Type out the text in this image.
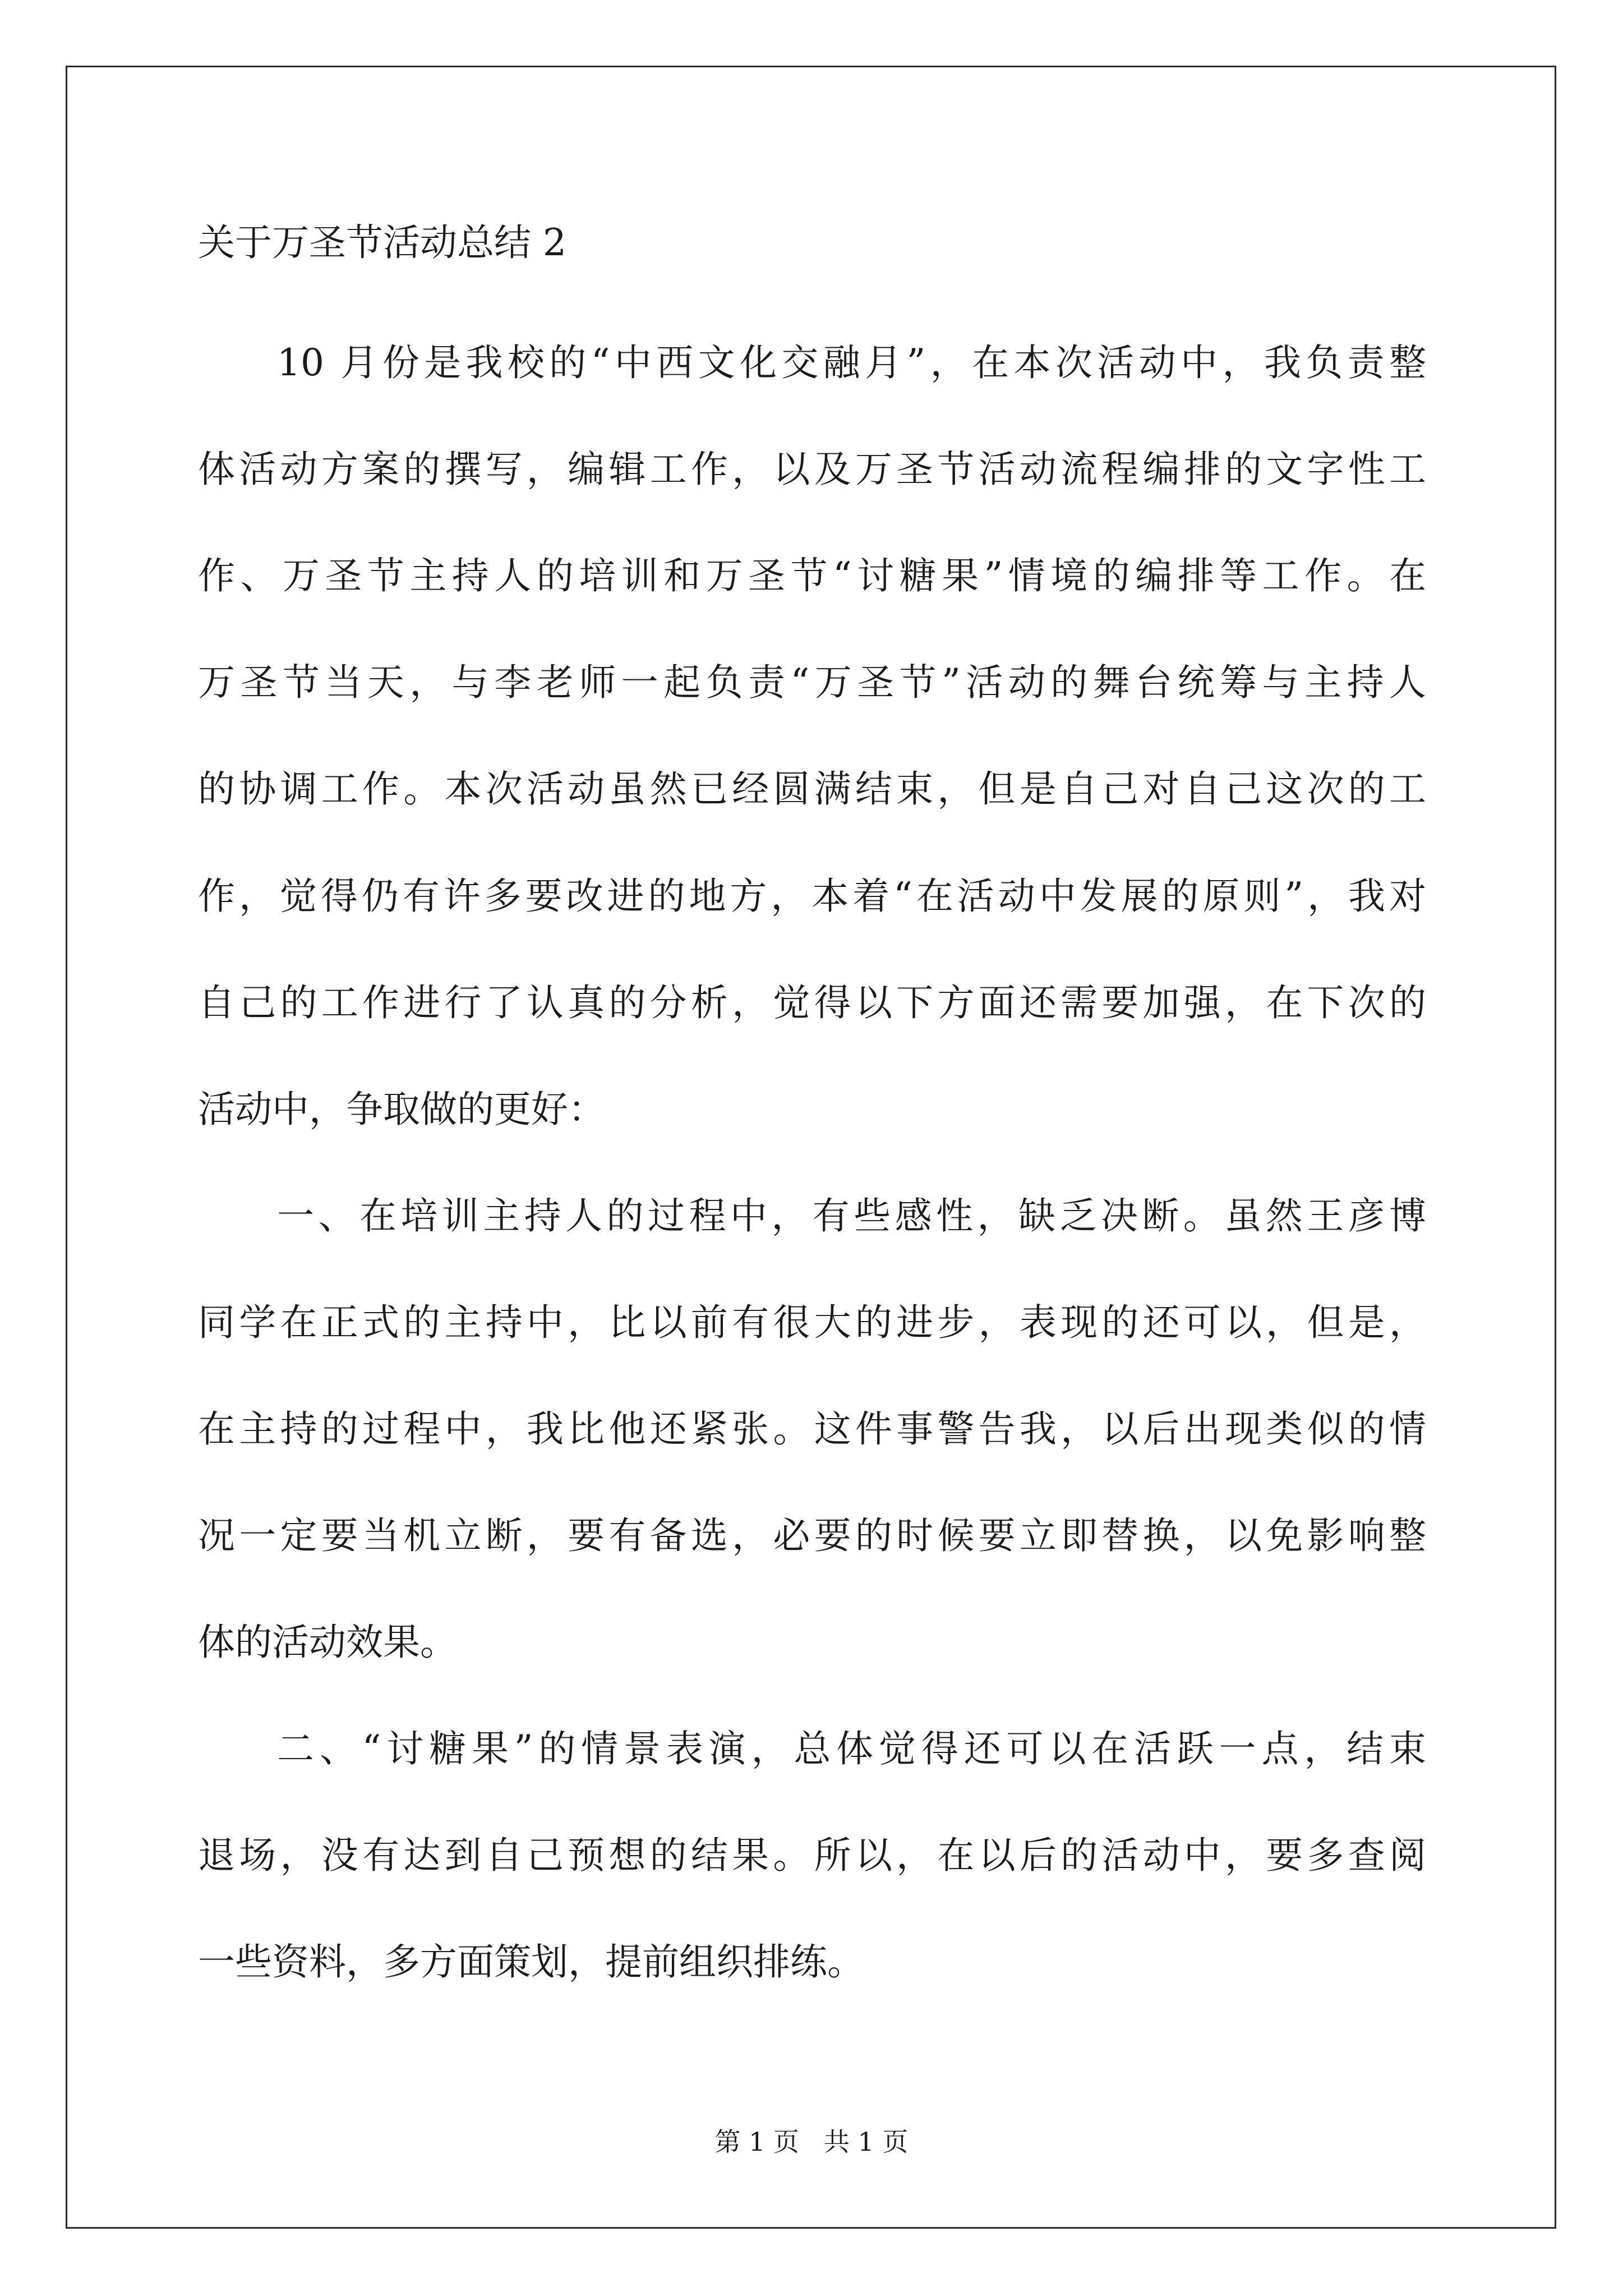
关于万圣节活动总结 2
10 月份是我校的“中西文化交融月”，在本次活动中，我负责整
体活动方案的撰写，编辑工作，以及万圣节活动流程编排的文字性工
作、万圣节主持人的培训和万圣节“讨糖果”情境的编排等工作。在
万圣节当天，与李老师一起负责“万圣节”活动的舞台统筹与主持人
的协调工作。本次活动虽然已经圆满结束，但是自己对自己这次的工
作，觉得仍有许多要改进的地方，本着“在活动中发展的原则”，我对
自己的工作进行了认真的分析，觉得以下方面还需要加强，在下次的
活动中，争取做的更好：
一、在培训主持人的过程中，有些感性，缺乏决断。虽然王彦博
同学在正式的主持中，比以前有很大的进步，表现的还可以，但是，
在主持的过程中，我比他还紧张。这件事警告我，以后出现类似的情
况一定要当机立断，要有备选，必要的时候要立即替换，以免影响整
体的活动效果。
二、“讨糖果”的情景表演，总体觉得还可以在活跃一点，结束
退场，没有达到自己预想的结果。所以，在以后的活动中，要多查阅
一些资料，多方面策划，提前组织排练。
第 1 页   共 1 页
